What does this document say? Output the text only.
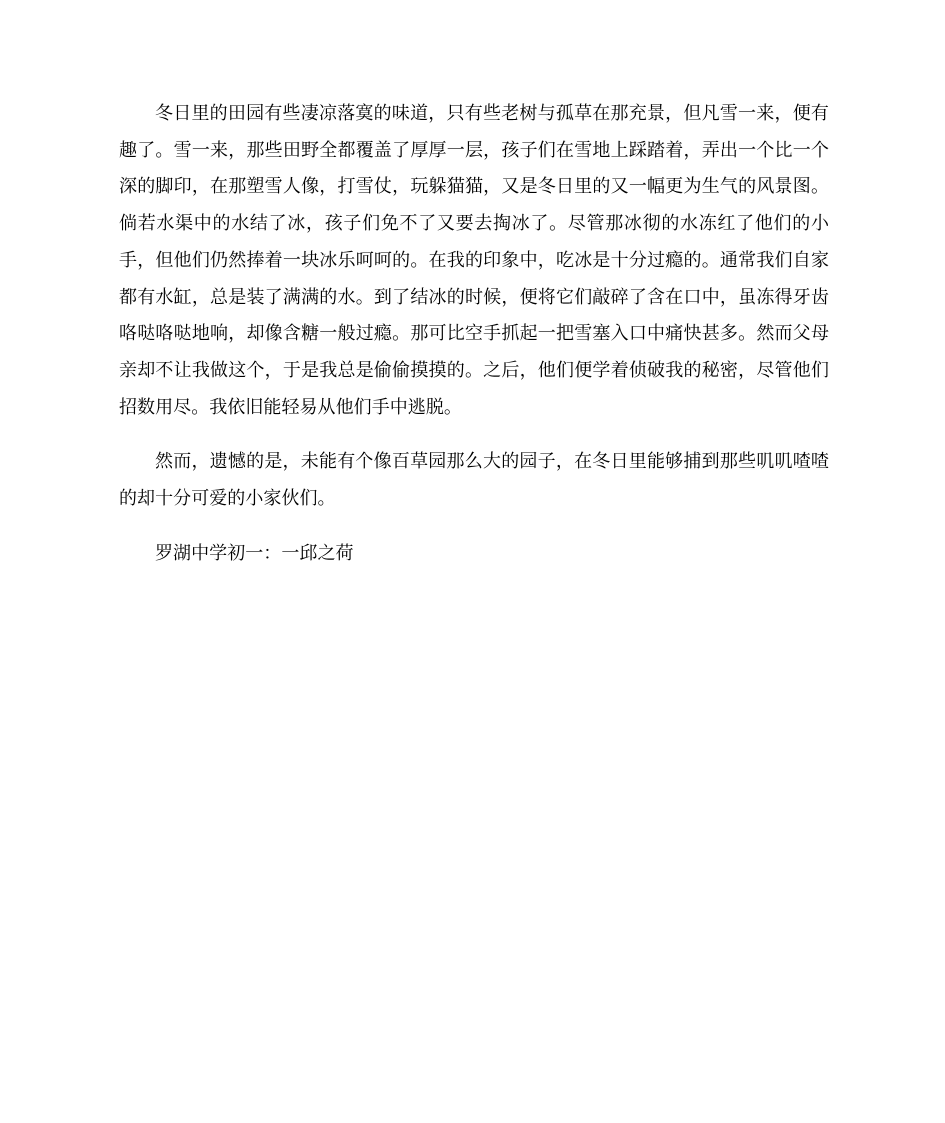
冬日里的田园有些凄凉落寞的味道，只有些老树与孤草在那充景，但凡雪一来，便有趣了。雪一来，那些田野全都覆盖了厚厚一层，孩子们在雪地上踩踏着，弄出一个比一个深的脚印，在那塑雪人像，打雪仗，玩躲猫猫，又是冬日里的又一幅更为生气的风景图。倘若水渠中的水结了冰，孩子们免不了又要去掏冰了。尽管那冰彻的水冻红了他们的小手，但他们仍然捧着一块冰乐呵呵的。在我的印象中，吃冰是十分过瘾的。通常我们自家都有水缸，总是装了满满的水。到了结冰的时候，便将它们敲碎了含在口中，虽冻得牙齿咯哒咯哒地响，却像含糖一般过瘾。那可比空手抓起一把雪塞入口中痛快甚多。然而父母亲却不让我做这个，于是我总是偷偷摸摸的。之后，他们便学着侦破我的秘密，尽管他们招数用尽。我依旧能轻易从他们手中逃脱。

然而，遗憾的是，未能有个像百草园那么大的园子，在冬日里能够捕到那些叽叽喳喳的却十分可爱的小家伙们。

罗湖中学初一：一邱之荷
